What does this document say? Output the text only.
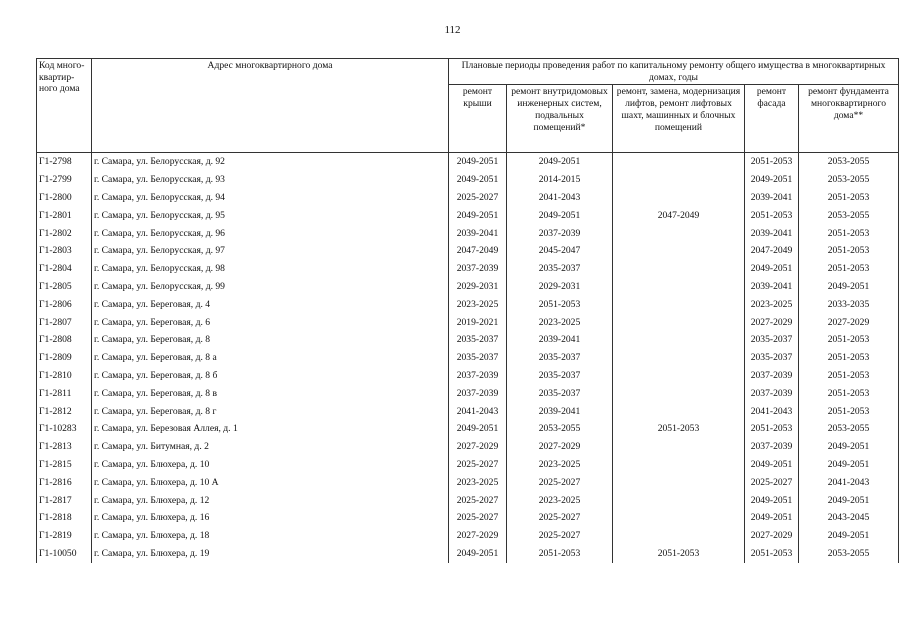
112
Код много-квартир-ного дома	Адрес многоквартирного дома	Плановые периоды проведения работ по капитальному ремонту общего имущества в многоквартирных домах, годы				
		ремонт крыши	ремонт внутридомовых инженерных систем, подвальных помещений*	ремонт, замена, модернизация лифтов, ремонт лифтовых шахт, машинных и блочных помещений	ремонт фасада	ремонт фундамента многоквартирного дома**
Г1-2798	г. Самара, ул. Белорусская, д. 92	2049-2051	2049-2051		2051-2053	2053-2055
Г1-2799	г. Самара, ул. Белорусская, д. 93	2049-2051	2014-2015		2049-2051	2053-2055
Г1-2800	г. Самара, ул. Белорусская, д. 94	2025-2027	2041-2043		2039-2041	2051-2053
Г1-2801	г. Самара, ул. Белорусская, д. 95	2049-2051	2049-2051	2047-2049	2051-2053	2053-2055
Г1-2802	г. Самара, ул. Белорусская, д. 96	2039-2041	2037-2039		2039-2041	2051-2053
Г1-2803	г. Самара, ул. Белорусская, д. 97	2047-2049	2045-2047		2047-2049	2051-2053
Г1-2804	г. Самара, ул. Белорусская, д. 98	2037-2039	2035-2037		2049-2051	2051-2053
Г1-2805	г. Самара, ул. Белорусская, д. 99	2029-2031	2029-2031		2039-2041	2049-2051
Г1-2806	г. Самара, ул. Береговая, д. 4	2023-2025	2051-2053		2023-2025	2033-2035
Г1-2807	г. Самара, ул. Береговая, д. 6	2019-2021	2023-2025		2027-2029	2027-2029
Г1-2808	г. Самара, ул. Береговая, д. 8	2035-2037	2039-2041		2035-2037	2051-2053
Г1-2809	г. Самара, ул. Береговая, д. 8 а	2035-2037	2035-2037		2035-2037	2051-2053
Г1-2810	г. Самара, ул. Береговая, д. 8 б	2037-2039	2035-2037		2037-2039	2051-2053
Г1-2811	г. Самара, ул. Береговая, д. 8 в	2037-2039	2035-2037		2037-2039	2051-2053
Г1-2812	г. Самара, ул. Береговая, д. 8 г	2041-2043	2039-2041		2041-2043	2051-2053
Г1-10283	г. Самара, ул. Березовая Аллея, д. 1	2049-2051	2053-2055	2051-2053	2051-2053	2053-2055
Г1-2813	г. Самара, ул. Битумная, д. 2	2027-2029	2027-2029		2037-2039	2049-2051
Г1-2815	г. Самара, ул. Блюхера, д. 10	2025-2027	2023-2025		2049-2051	2049-2051
Г1-2816	г. Самара, ул. Блюхера, д. 10 А	2023-2025	2025-2027		2025-2027	2041-2043
Г1-2817	г. Самара, ул. Блюхера, д. 12	2025-2027	2023-2025		2049-2051	2049-2051
Г1-2818	г. Самара, ул. Блюхера, д. 16	2025-2027	2025-2027		2049-2051	2043-2045
Г1-2819	г. Самара, ул. Блюхера, д. 18	2027-2029	2025-2027		2027-2029	2049-2051
Г1-10050	г. Самара, ул. Блюхера, д. 19	2049-2051	2051-2053	2051-2053	2051-2053	2053-2055
